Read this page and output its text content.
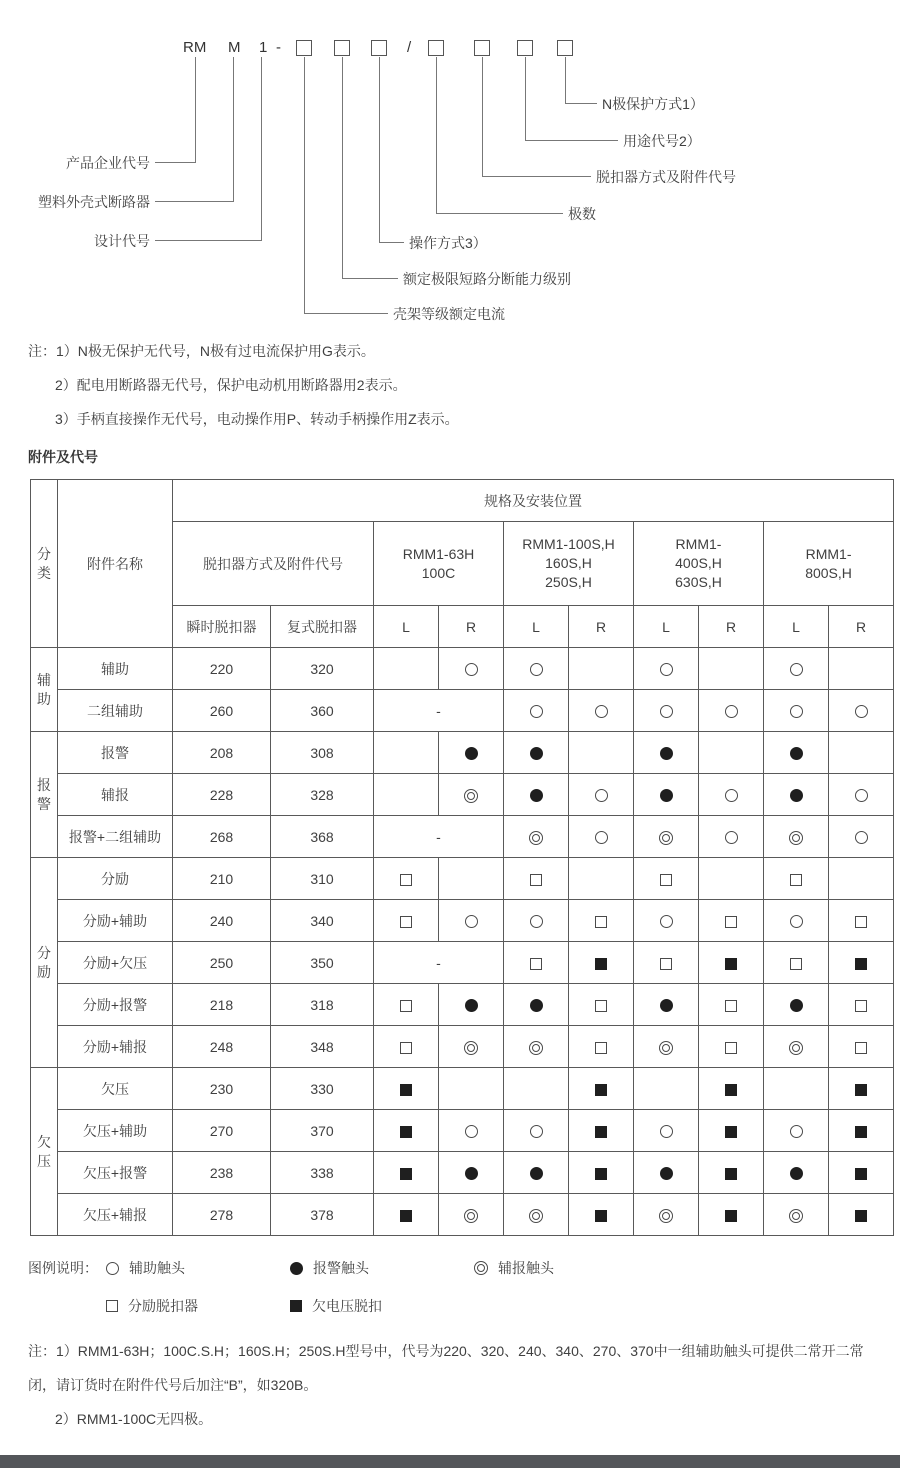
RM M 1 -	/
产品企业代号
塑料外壳式断路器
设计代号
壳架等级额定电流
额定极限短路分断能力级别
操作方式3）
极数
脱扣器方式及附件代号
用途代号2）
N极保护方式1）
注：1）N极无保护无代号，N极有过电流保护用G表示。
2）配电用断路器无代号，保护电动机用断路器用2表示。
3）手柄直接操作无代号，电动操作用P、转动手柄操作用Z表示。
附件及代号
分类	附件名称	规格及安装位置									
脱扣器方式及附件代号	
RMM1-63H
100C

RMM1-100S,H
160S,H
250S,H

RMM1-
400S,H
630S,H

RMM1-
800S,H

		瞬时脱扣器	复式脱扣器	L	R	L	R	L	R	L	R
辅助	辅助	220	320								
	二组辅助	260	360	-							
报警	报警	208	308								
	辅报	228	328		

	报警+二组辅助	268	368	-		

分励	分励	210	310								
	分励+辅助	240	340								
	分励+欠压	250	350	-							
	分励+报警	218	318								
	分励+辅报	248	348		

欠压	欠压	230	330								
	欠压+辅助	270	370								
	欠压+报警	238	338								
	欠压+辅报	278	378		

图例说明：	辅助触头	报警触头	辅报触头
分励脱扣器	欠电压脱扣
注：1）RMM1-63H；100C.S.H；160S.H；250S.H型号中，代号为220、320、240、340、270、370中一组辅助触头可提供二常开二常闭，请订货时在附件代号后加注“B”，如320B。
2）RMM1-100C无四极。
